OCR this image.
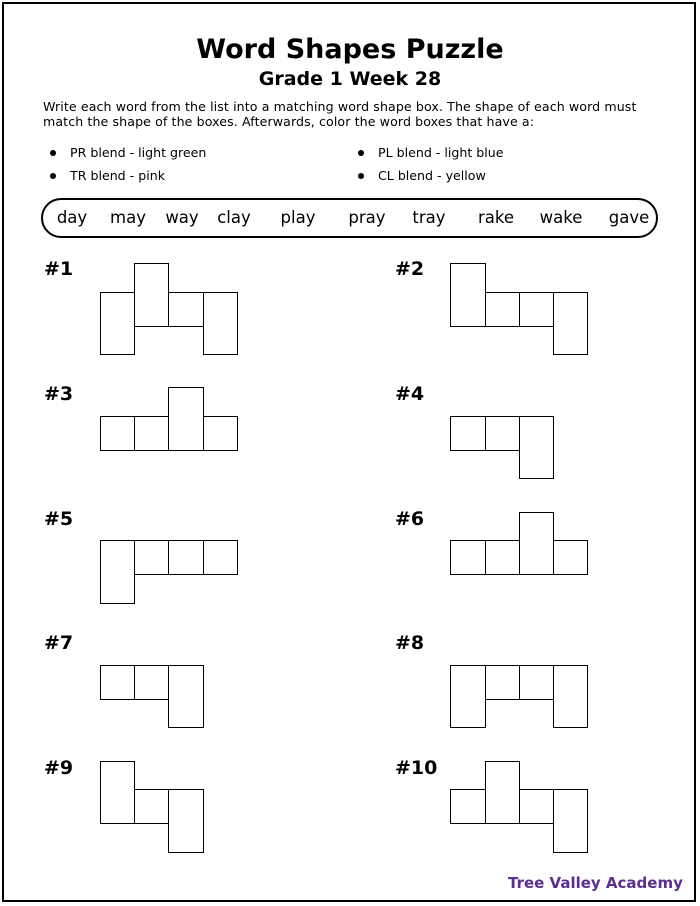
Word Shapes Puzzle
Grade 1 Week 28
Write each word from the list into a matching word shape box. The shape of each word must match the shape of the boxes. Afterwards, color the word boxes that have a:
PR blend - light green
TR blend - pink
PL blend - light blue
CL blend - yellow
day may way clay play pray tray rake wake gave
#1	#2
#3	#4
#5	#6
#7	#8
#9	#10
Tree Valley Academy
